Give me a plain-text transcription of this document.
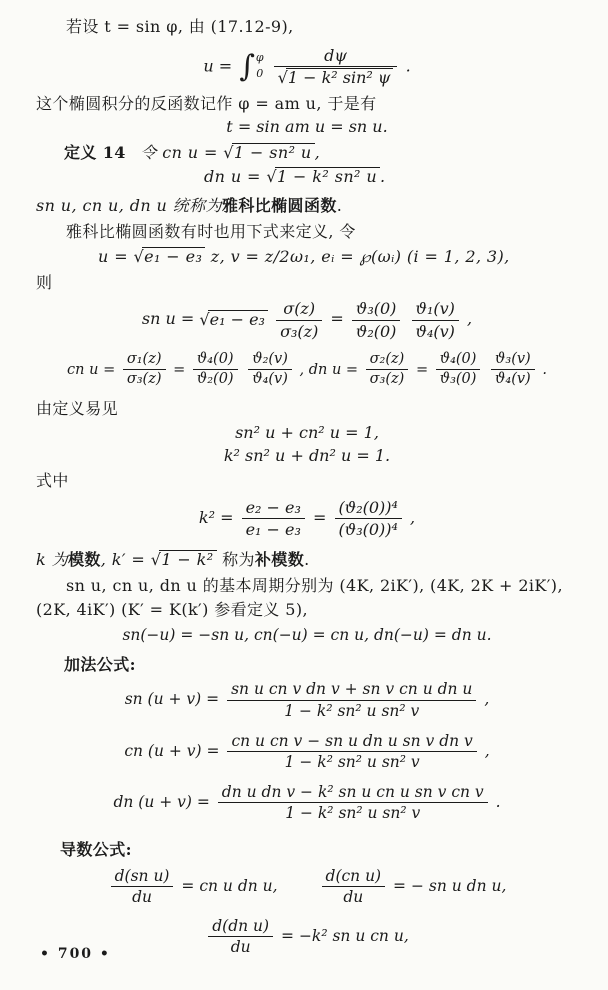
若设 t = sin φ, 由 (17.12-9),

u = ∫ φ
0
$\frac{d\psi}{\text{√1 − k² sin² ψ}}$ .

这个椭圆积分的反函数记作 φ = am u, 于是有

t = sin am u = sn u.

定义 14 令 cn u = √1 − sn² u ,

dn u = √1 − k² sn² u .

sn u, cn u, dn u 统称为雅科比椭圆函数.

雅科比椭圆函数有时也用下式来定义, 令

u = √e₁ − e₃ z, v = z/2ω₁, eᵢ = ℘(ωᵢ) (i = 1, 2, 3),

则

sn $u = √e_1 - e_3 \frac{\sigma(z)}{\text{σ₃(z)}} = \frac{\text{ϑ₃(0)}}{\text{ϑ₂(0)}}$
$\frac{\text{ϑ₁(v)}}{\text{ϑ₄(v)}}$ ,
cn $u = \frac{\text{σ₁(z)}}{\text{σ₃(z)}} = \frac{\text{ϑ₄(0)}}{\text{ϑ₂(0)}}$
$\frac{\text{ϑ₂(v)}}{\text{ϑ₄(v)}}$ , dn $u = \frac{\text{σ₂(z)}}{\text{σ₃(z)}} = \frac{\text{ϑ₄(0)}}{\text{ϑ₃(0)}}$
$\frac{\text{ϑ₃(v)}}{\text{ϑ₄(v)}}$ .

由定义易见

sn² u + cn² u = 1,
k² sn² u + dn² u = 1.

式中

$k^2 = \frac{\text{e₂ − e₃}}{\text{e₁ − e₃}} = \frac{\text{(ϑ₂(0))⁴}}{\text{(ϑ₃(0))⁴}}$ ,

k 为模数, k′ = √1 − k² 称为补模数.

sn u, cn u, dn u 的基本周期分别为 (4K, 2iK′), (4K, 2K + 2iK′),

(2K, 4iK′) (K′ = K(k′) 参看定义 5),

sn(−u) = −sn u, cn(−u) = cn u, dn(−u) = dn u.

加法公式:

sn $(u + v) = \frac{\text{sn u cn v dn v + sn v cn u dn u}}{\text{1 − k² sn² u sn² v}}$ ,
cn $(u + v) = \frac{\text{cn u cn v − sn u dn u sn v dn v}}{\text{1 − k² sn² u sn² v}}$ ,
dn $(u + v) = \frac{\text{dn u dn v − k² sn u cn u sn v cn v}}{\text{1 − k² sn² u sn² v}}$ .

导数公式:

$\frac{\text{d(sn u)}}{du}$ = cn u dn u,	$\frac{\text{d(cn u)}}{du}$ = − sn u dn u,
$\frac{\text{d(dn u)}}{du} = -k^2$ sn u cn u,
• 700 •
